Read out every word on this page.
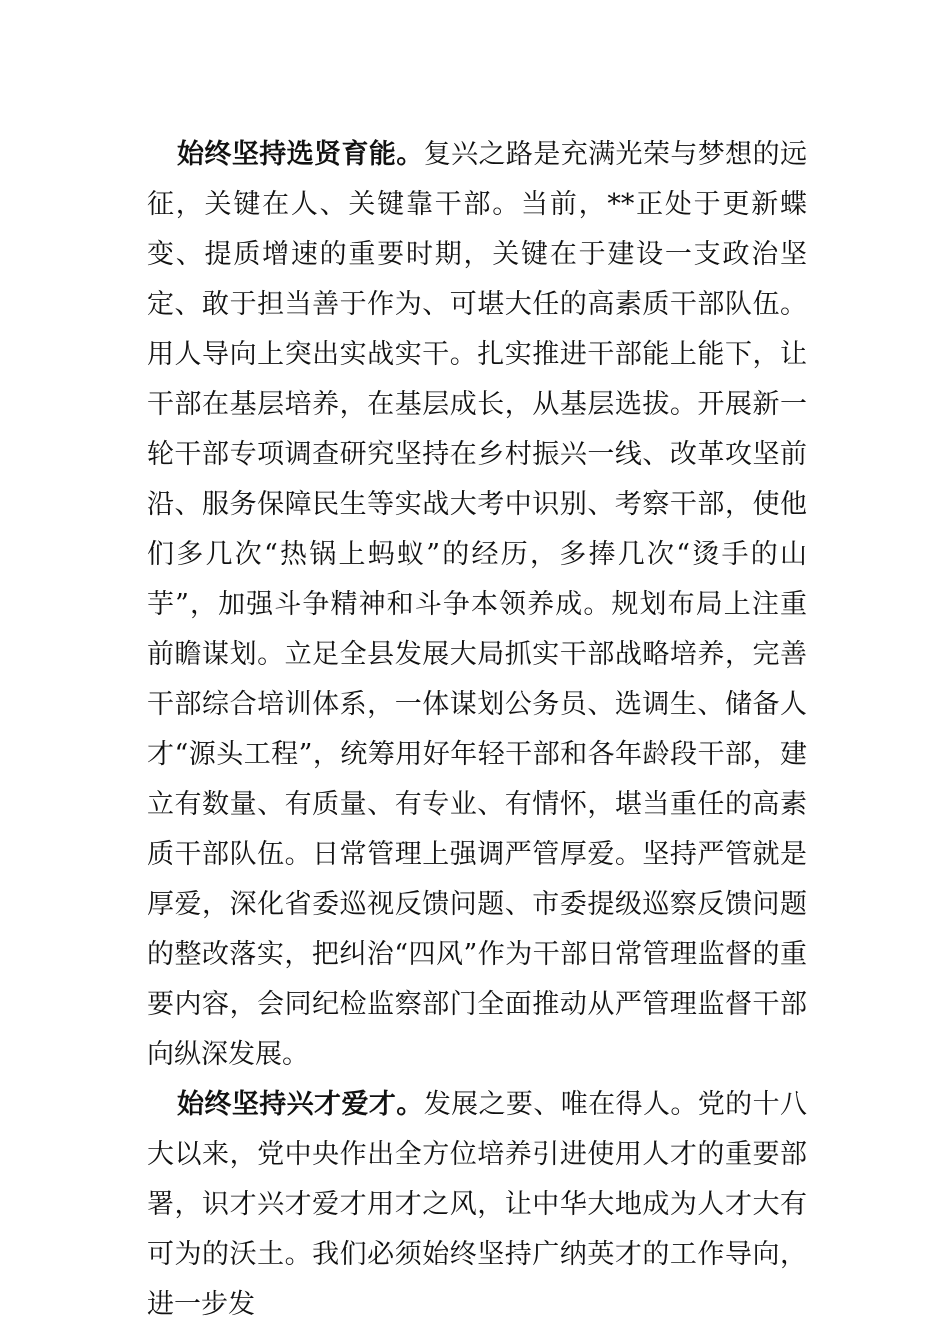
始终坚持选贤育能。复兴之路是充满光荣与梦想的远征，关键在人、关键靠干部。当前，**正处于更新蝶变、提质增速的重要时期，关键在于建设一支政治坚定、敢于担当善于作为、可堪大任的高素质干部队伍。用人导向上突出实战实干。扎实推进干部能上能下，让干部在基层培养，在基层成长，从基层选拔。开展新一轮干部专项调查研究坚持在乡村振兴一线、改革攻坚前沿、服务保障民生等实战大考中识别、考察干部，使他们多几次“热锅上蚂蚁”的经历，多捧几次“烫手的山芋”，加强斗争精神和斗争本领养成。规划布局上注重前瞻谋划。立足全县发展大局抓实干部战略培养，完善干部综合培训体系，一体谋划公务员、选调生、储备人才“源头工程”，统筹用好年轻干部和各年龄段干部，建立有数量、有质量、有专业、有情怀，堪当重任的高素质干部队伍。日常管理上强调严管厚爱。坚持严管就是厚爱，深化省委巡视反馈问题、市委提级巡察反馈问题的整改落实，把纠治“四风”作为干部日常管理监督的重要内容，会同纪检监察部门全面推动从严管理监督干部向纵深发展。

始终坚持兴才爱才。发展之要、唯在得人。党的十八大以来，党中央作出全方位培养引进使用人才的重要部署，识才兴才爱才用才之风，让中华大地成为人才大有可为的沃土。我们必须始终坚持广纳英才的工作导向，进一步发
